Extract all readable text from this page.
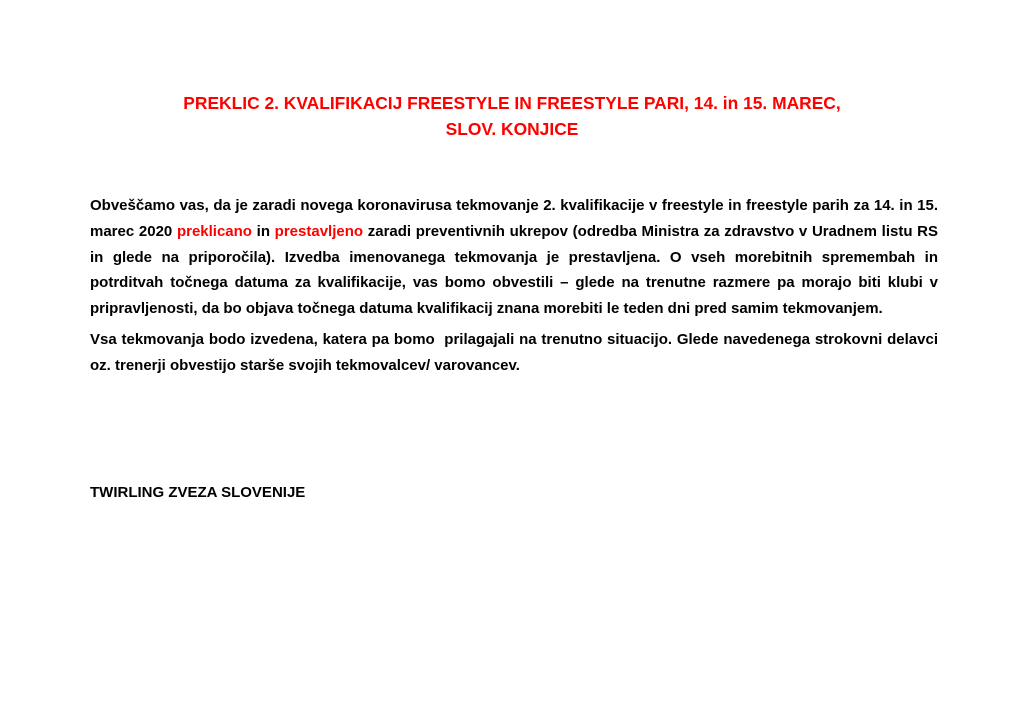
PREKLIC 2. KVALIFIKACIJ FREESTYLE IN FREESTYLE PARI, 14. in 15. MAREC,
SLOV. KONJICE

Obveščamo vas, da je zaradi novega koronavirusa tekmovanje 2. kvalifikacije v freestyle in freestyle parih za 14. in 15. marec 2020 preklicano in prestavljeno zaradi preventivnih ukrepov (odredba Ministra za zdravstvo v Uradnem listu RS in glede na priporočila). Izvedba imenovanega tekmovanja je prestavljena. O vseh morebitnih spremembah in potrditvah točnega datuma za kvalifikacije, vas bomo obvestili – glede na trenutne razmere pa morajo biti klubi v pripravljenosti, da bo objava točnega datuma kvalifikacij znana morebiti le teden dni pred samim tekmovanjem.

Vsa tekmovanja bodo izvedena, katera pa bomo  prilagajali na trenutno situacijo. Glede navedenega strokovni delavci oz. trenerji obvestijo starše svojih tekmovalcev/ varovancev.

TWIRLING ZVEZA SLOVENIJE
